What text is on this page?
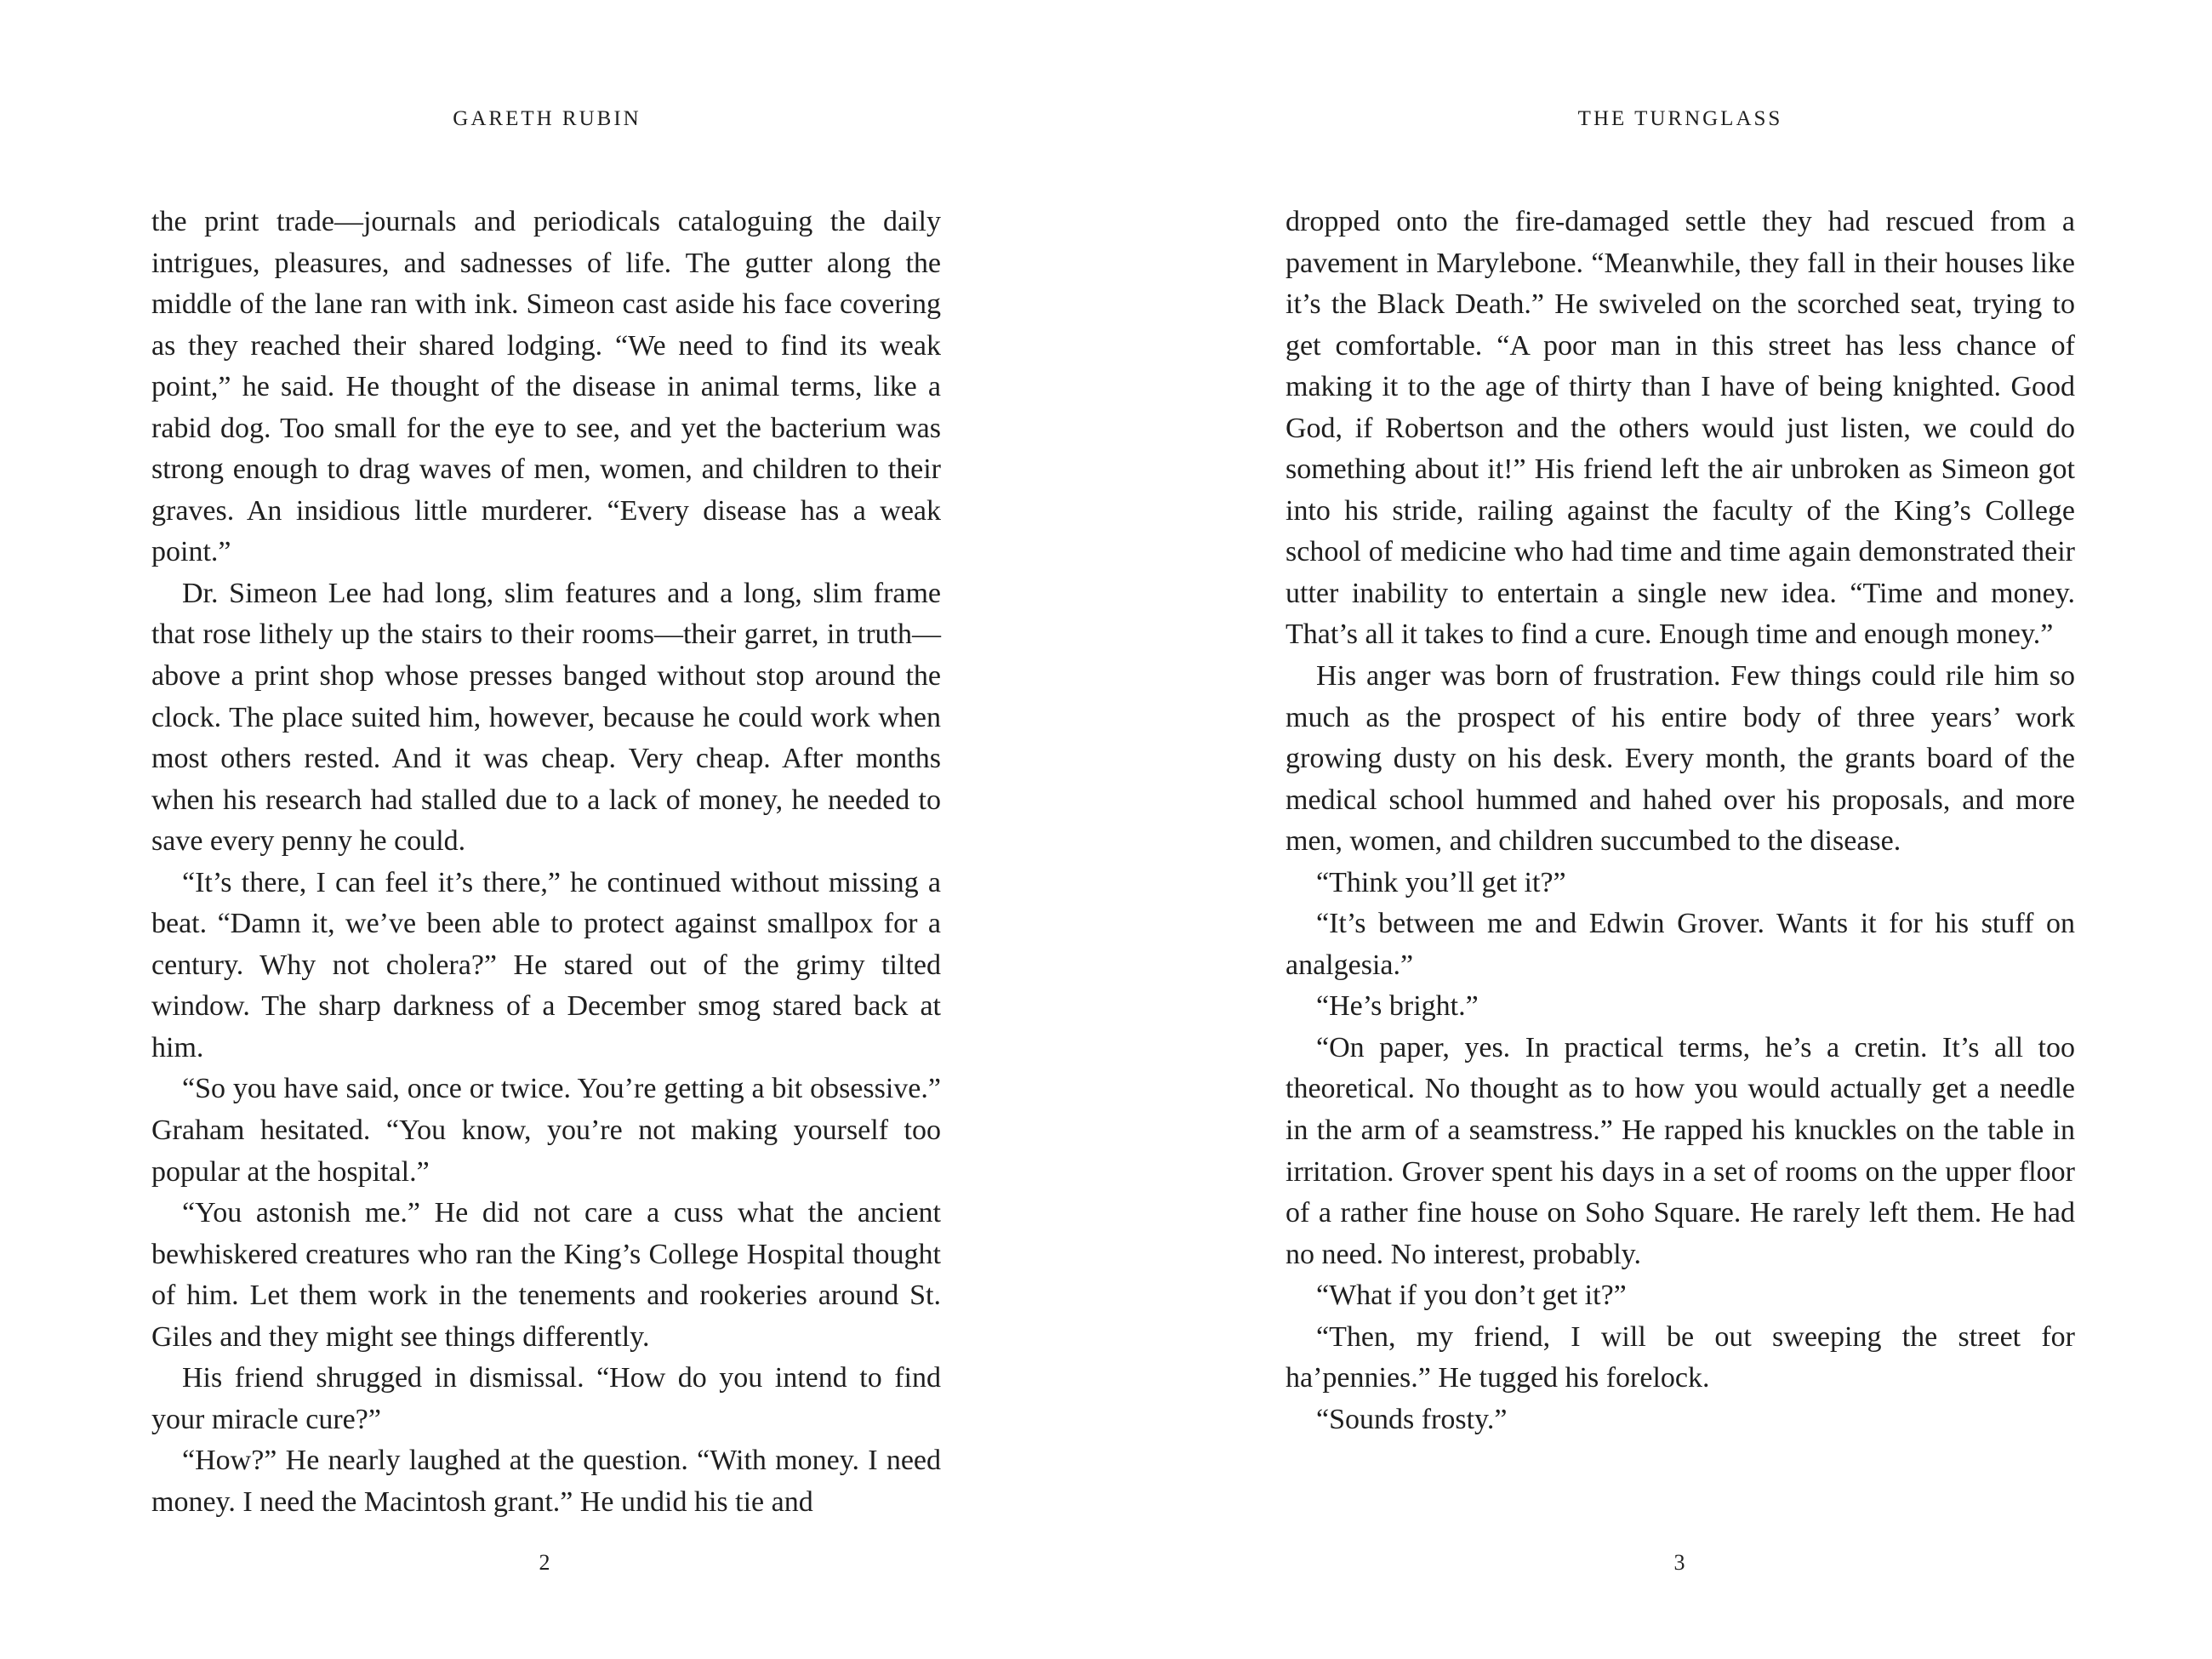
GARETH RUBIN

the print trade—journals and periodicals cataloguing the daily intrigues, pleasures, and sadnesses of life. The gutter along the middle of the lane ran with ink. Simeon cast aside his face covering as they reached their shared lodging. “We need to find its weak point,” he said. He thought of the disease in animal terms, like a rabid dog. Too small for the eye to see, and yet the bacterium was strong enough to drag waves of men, women, and children to their graves. An insidious little murderer. “Every disease has a weak point.”

Dr. Simeon Lee had long, slim features and a long, slim frame that rose lithely up the stairs to their rooms—their garret, in truth—above a print shop whose presses banged without stop around the clock. The place suited him, however, because he could work when most others rested. And it was cheap. Very cheap. After months when his research had stalled due to a lack of money, he needed to save every penny he could.

“It’s there, I can feel it’s there,” he continued without missing a beat. “Damn it, we’ve been able to protect against smallpox for a century. Why not cholera?” He stared out of the grimy tilted window. The sharp darkness of a December smog stared back at him.

“So you have said, once or twice. You’re getting a bit obsessive.” Graham hesitated. “You know, you’re not making yourself too popular at the hospital.”

“You astonish me.” He did not care a cuss what the ancient bewhiskered creatures who ran the King’s College Hospital thought of him. Let them work in the tenements and rookeries around St. Giles and they might see things differently.

His friend shrugged in dismissal. “How do you intend to find your miracle cure?”

“How?” He nearly laughed at the question. “With money. I need money. I need the Macintosh grant.” He undid his tie and

2
THE TURNGLASS

dropped onto the fire-damaged settle they had rescued from a pavement in Marylebone. “Meanwhile, they fall in their houses like it’s the Black Death.” He swiveled on the scorched seat, trying to get comfortable. “A poor man in this street has less chance of making it to the age of thirty than I have of being knighted. Good God, if Robertson and the others would just listen, we could do something about it!” His friend left the air unbroken as Simeon got into his stride, railing against the faculty of the King’s College school of medicine who had time and time again demonstrated their utter inability to entertain a single new idea. “Time and money. That’s all it takes to find a cure. Enough time and enough money.”

His anger was born of frustration. Few things could rile him so much as the prospect of his entire body of three years’ work growing dusty on his desk. Every month, the grants board of the medical school hummed and hahed over his proposals, and more men, women, and children succumbed to the disease.

“Think you’ll get it?”

“It’s between me and Edwin Grover. Wants it for his stuff on analgesia.”

“He’s bright.”

“On paper, yes. In practical terms, he’s a cretin. It’s all too theoretical. No thought as to how you would actually get a needle in the arm of a seamstress.” He rapped his knuckles on the table in irritation. Grover spent his days in a set of rooms on the upper floor of a rather fine house on Soho Square. He rarely left them. He had no need. No interest, probably.

“What if you don’t get it?”

“Then, my friend, I will be out sweeping the street for ha’pennies.” He tugged his forelock.

“Sounds frosty.”

3
